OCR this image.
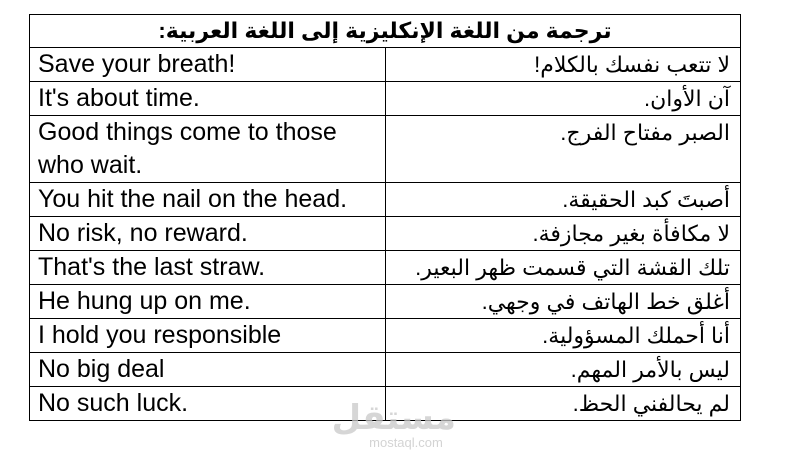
ترجمة من اللغة الإنكليزية إلى اللغة العربية:	
Save your breath!	لا تتعب نفسك بالكلام!
It's about time.	آن الأوان.
Good things come to those who wait.	الصبر مفتاح الفرج.
You hit the nail on the head.	أصبتَ كبد الحقيقة.
No risk, no reward.	لا مكافأة بغير مجازفة.
That's the last straw.	تلك القشة التي قسمت ظهر البعير.
He hung up on me.	أغلق خط الهاتف في وجهي.
I hold you responsible	أنا أحملك المسؤولية.
No big deal	ليس بالأمر المهم.
No such luck.	لم يحالفني الحظ.
مستقل
mostaql.com
